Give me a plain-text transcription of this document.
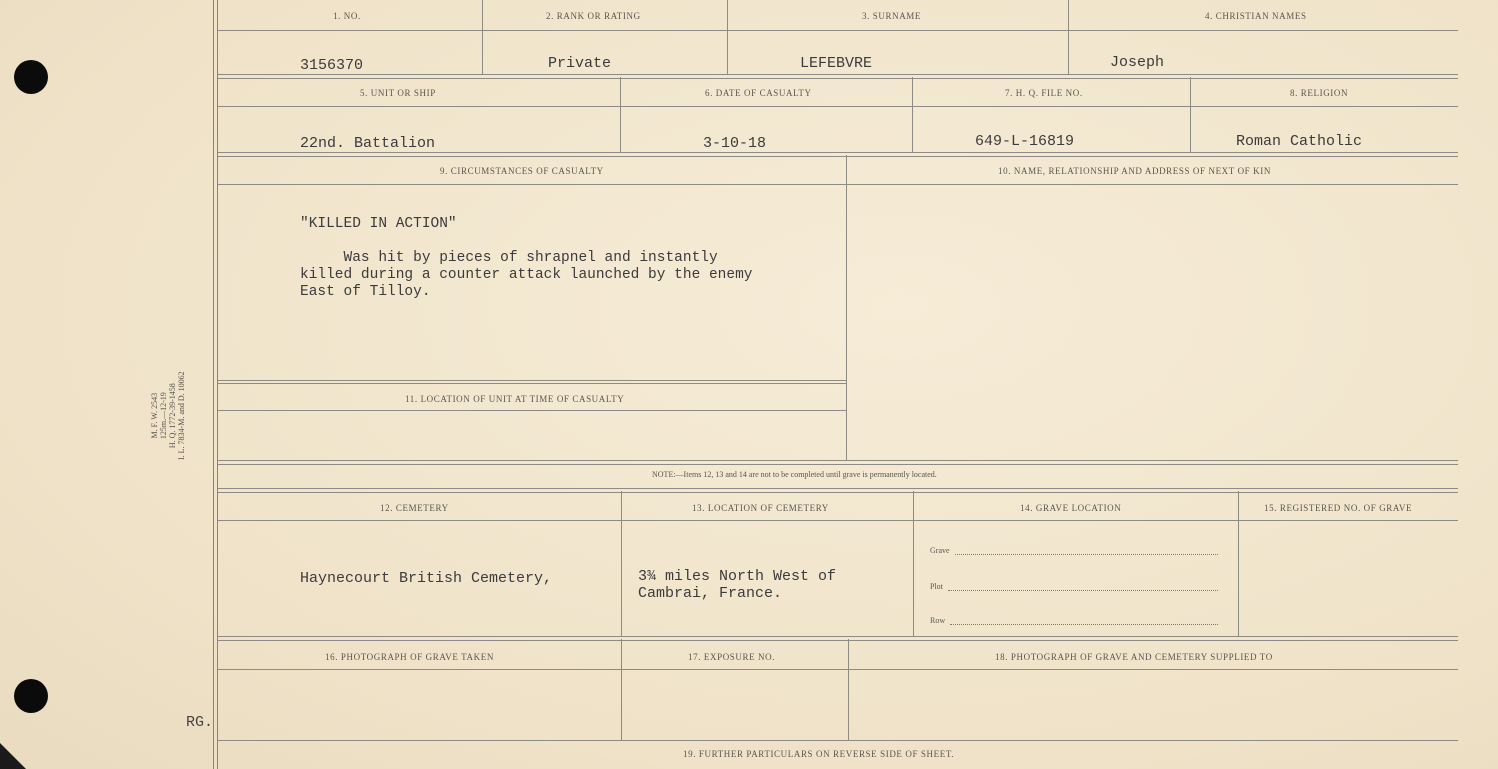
M. F. W. 2543 125m.—12-19 H. Q. 1772-39-1458 I. L. 7834-M. and D. 10062
RG.
1. NO.	2. RANK OR RATING	3. SURNAME	4. CHRISTIAN NAMES
3156370	Private	LEFEBVRE	Joseph
5. UNIT OR SHIP	6. DATE OF CASUALTY	7. H. Q. FILE NO.	8. RELIGION
22nd. Battalion	3-10-18	649-L-16819	Roman Catholic
9. CIRCUMSTANCES OF CASUALTY	10. NAME, RELATIONSHIP AND ADDRESS OF NEXT OF KIN
"KILLED IN ACTION"

Was hit by pieces of shrapnel and instantly
killed during a counter attack launched by the enemy
East of Tilloy.
11. LOCATION OF UNIT AT TIME OF CASUALTY
NOTE:—Items 12, 13 and 14 are not to be completed until grave is permanently located.
12. CEMETERY	13. LOCATION OF CEMETERY	14. GRAVE LOCATION	15. REGISTERED NO. OF GRAVE
Haynecourt British Cemetery,	3¾ miles North West of
Cambrai, France.
Grave
Plot
Row
16. PHOTOGRAPH OF GRAVE TAKEN	17. EXPOSURE NO.	18. PHOTOGRAPH OF GRAVE AND CEMETERY SUPPLIED TO
19. FURTHER PARTICULARS ON REVERSE SIDE OF SHEET.
